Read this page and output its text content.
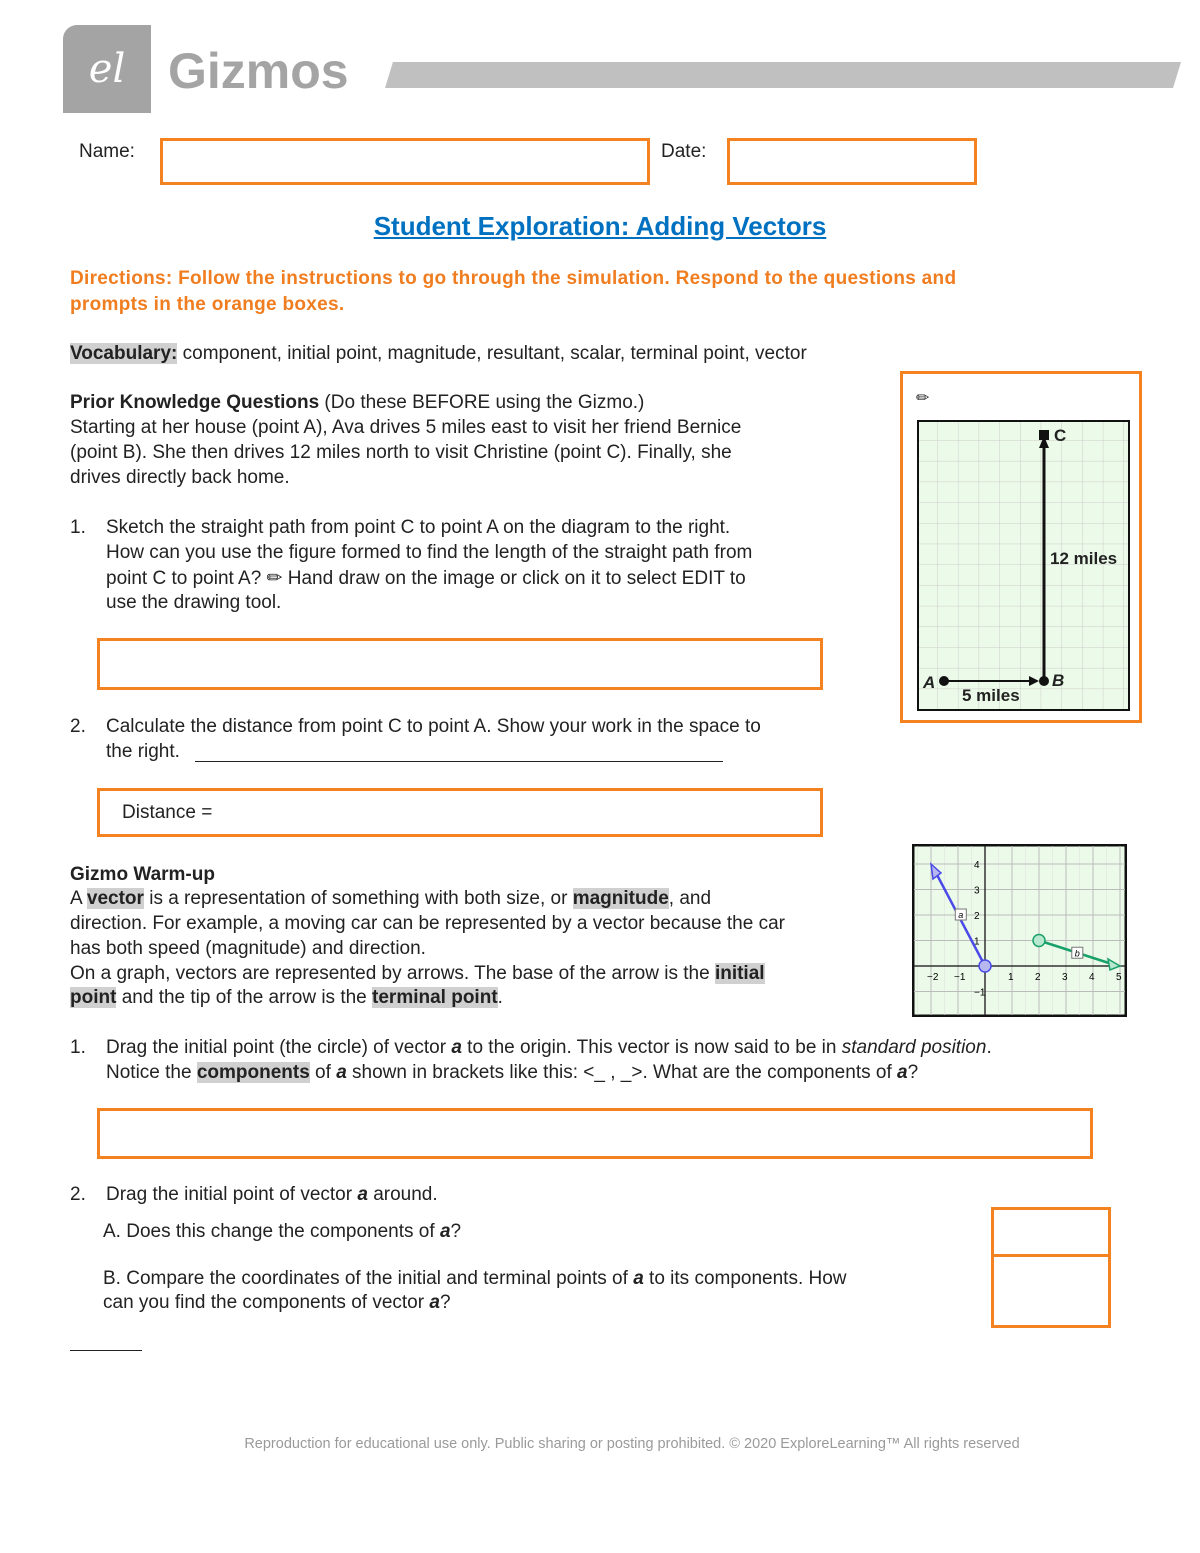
el Gizmos
Name:	Date:
Student Exploration: Adding Vectors
Directions: Follow the instructions to go through the simulation. Respond to the questions and
prompts in the orange boxes.
Vocabulary: component, initial point, magnitude, resultant, scalar, terminal point, vector
Prior Knowledge Questions (Do these BEFORE using the Gizmo.)
Starting at her house (point A), Ava drives 5 miles east to visit her friend Bernice
(point B). She then drives 12 miles north to visit Christine (point C). Finally, she
drives directly back home.
1. Sketch the straight path from point C to point A on the diagram to the right.
How can you use the figure formed to find the length of the straight path from
point C to point A? ✏ Hand draw on the image or click on it to select EDIT to
use the drawing tool.
2. Calculate the distance from point C to point A. Show your work in the space to
the right.
Distance =
✏
A	B
C
5 miles
12 miles
Gizmo Warm-up
A vector is a representation of something with both size, or magnitude, and
direction. For example, a moving car can be represented by a vector because the car
has both speed (magnitude) and direction.
On a graph, vectors are represented by arrows. The base of the arrow is the initial
point and the tip of the arrow is the terminal point.
−2 −1	1 2 3 4 5
4
3
2
1
−1
a
b
1. Drag the initial point (the circle) of vector a to the origin. This vector is now said to be in standard position.
Notice the components of a shown in brackets like this: <_ , _>. What are the components of a?
2. Drag the initial point of vector a around.
A. Does this change the components of a?
B. Compare the coordinates of the initial and terminal points of a to its components. How
can you find the components of vector a?
Reproduction for educational use only. Public sharing or posting prohibited. © 2020 ExploreLearning™ All rights reserved
